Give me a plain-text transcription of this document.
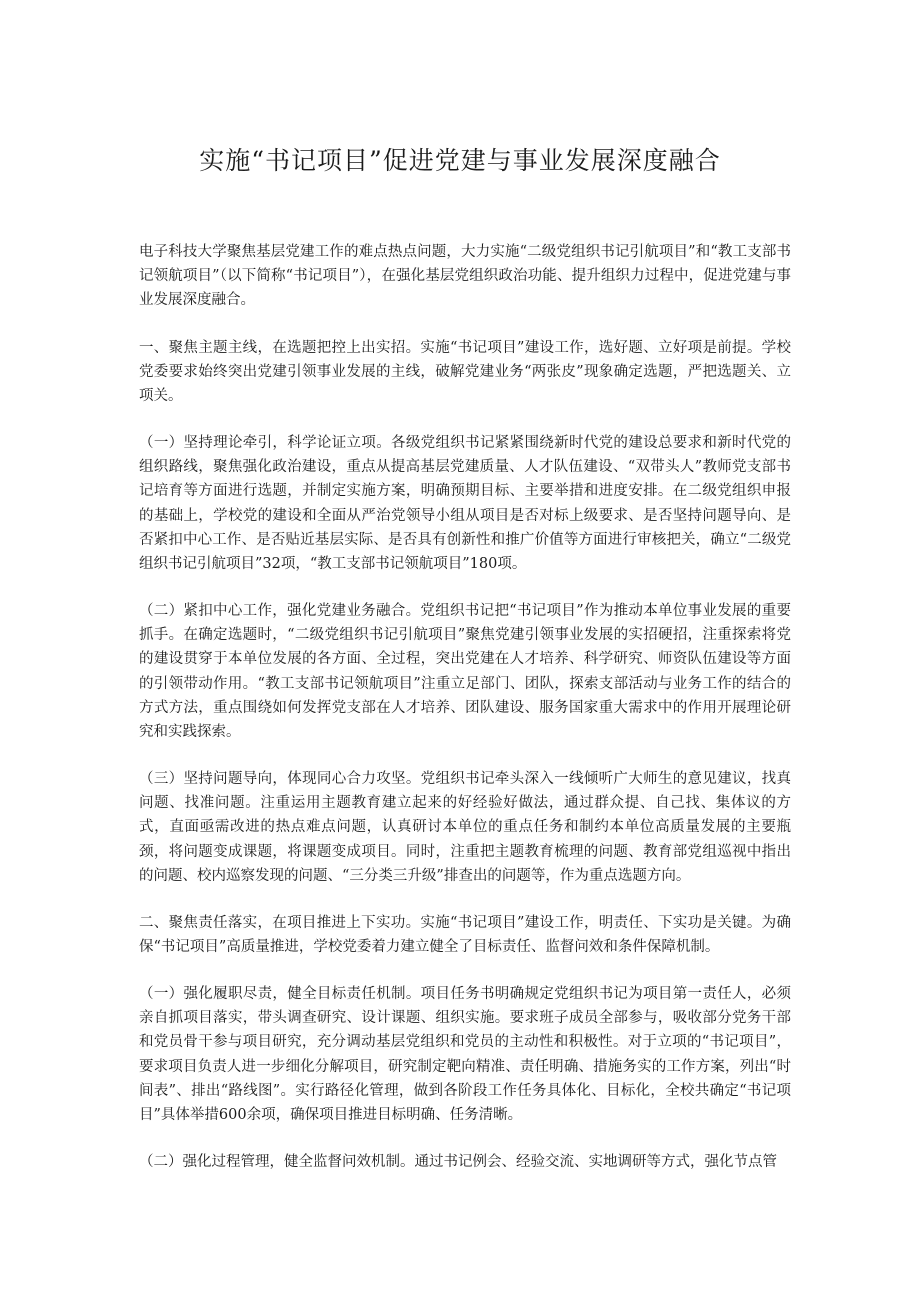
实施“书记项目”促进党建与事业发展深度融合

电子科技大学聚焦基层党建工作的难点热点问题，大力实施“二级党组织书记引航项目”和“教工支部书记领航项目”（以下简称“书记项目”），在强化基层党组织政治功能、提升组织力过程中，促进党建与事业发展深度融合。

一、聚焦主题主线，在选题把控上出实招。实施“书记项目”建设工作，选好题、立好项是前提。学校党委要求始终突出党建引领事业发展的主线，破解党建业务“两张皮”现象确定选题，严把选题关、立项关。

（一）坚持理论牵引，科学论证立项。各级党组织书记紧紧围绕新时代党的建设总要求和新时代党的组织路线，聚焦强化政治建设，重点从提高基层党建质量、人才队伍建设、“双带头人”教师党支部书记培育等方面进行选题，并制定实施方案，明确预期目标、主要举措和进度安排。在二级党组织申报的基础上，学校党的建设和全面从严治党领导小组从项目是否对标上级要求、是否坚持问题导向、是否紧扣中心工作、是否贴近基层实际、是否具有创新性和推广价值等方面进行审核把关，确立“二级党组织书记引航项目”32项，“教工支部书记领航项目”180项。

（二）紧扣中心工作，强化党建业务融合。党组织书记把“书记项目”作为推动本单位事业发展的重要抓手。在确定选题时，“二级党组织书记引航项目”聚焦党建引领事业发展的实招硬招，注重探索将党的建设贯穿于本单位发展的各方面、全过程，突出党建在人才培养、科学研究、师资队伍建设等方面的引领带动作用。“教工支部书记领航项目”注重立足部门、团队，探索支部活动与业务工作的结合的方式方法，重点围绕如何发挥党支部在人才培养、团队建设、服务国家重大需求中的作用开展理论研究和实践探索。

（三）坚持问题导向，体现同心合力攻坚。党组织书记牵头深入一线倾听广大师生的意见建议，找真问题、找准问题。注重运用主题教育建立起来的好经验好做法，通过群众提、自己找、集体议的方式，直面亟需改进的热点难点问题，认真研讨本单位的重点任务和制约本单位高质量发展的主要瓶颈，将问题变成课题，将课题变成项目。同时，注重把主题教育梳理的问题、教育部党组巡视中指出的问题、校内巡察发现的问题、“三分类三升级”排查出的问题等，作为重点选题方向。

二、聚焦责任落实，在项目推进上下实功。实施“书记项目”建设工作，明责任、下实功是关键。为确保“书记项目”高质量推进，学校党委着力建立健全了目标责任、监督问效和条件保障机制。

（一）强化履职尽责，健全目标责任机制。项目任务书明确规定党组织书记为项目第一责任人，必须亲自抓项目落实，带头调查研究、设计课题、组织实施。要求班子成员全部参与，吸收部分党务干部和党员骨干参与项目研究，充分调动基层党组织和党员的主动性和积极性。对于立项的“书记项目”，要求项目负责人进一步细化分解项目，研究制定靶向精准、责任明确、措施务实的工作方案，列出“时间表”、排出“路线图”。实行路径化管理，做到各阶段工作任务具体化、目标化，全校共确定“书记项目”具体举措600余项，确保项目推进目标明确、任务清晰。

（二）强化过程管理，健全监督问效机制。通过书记例会、经验交流、实地调研等方式，强化节点管
